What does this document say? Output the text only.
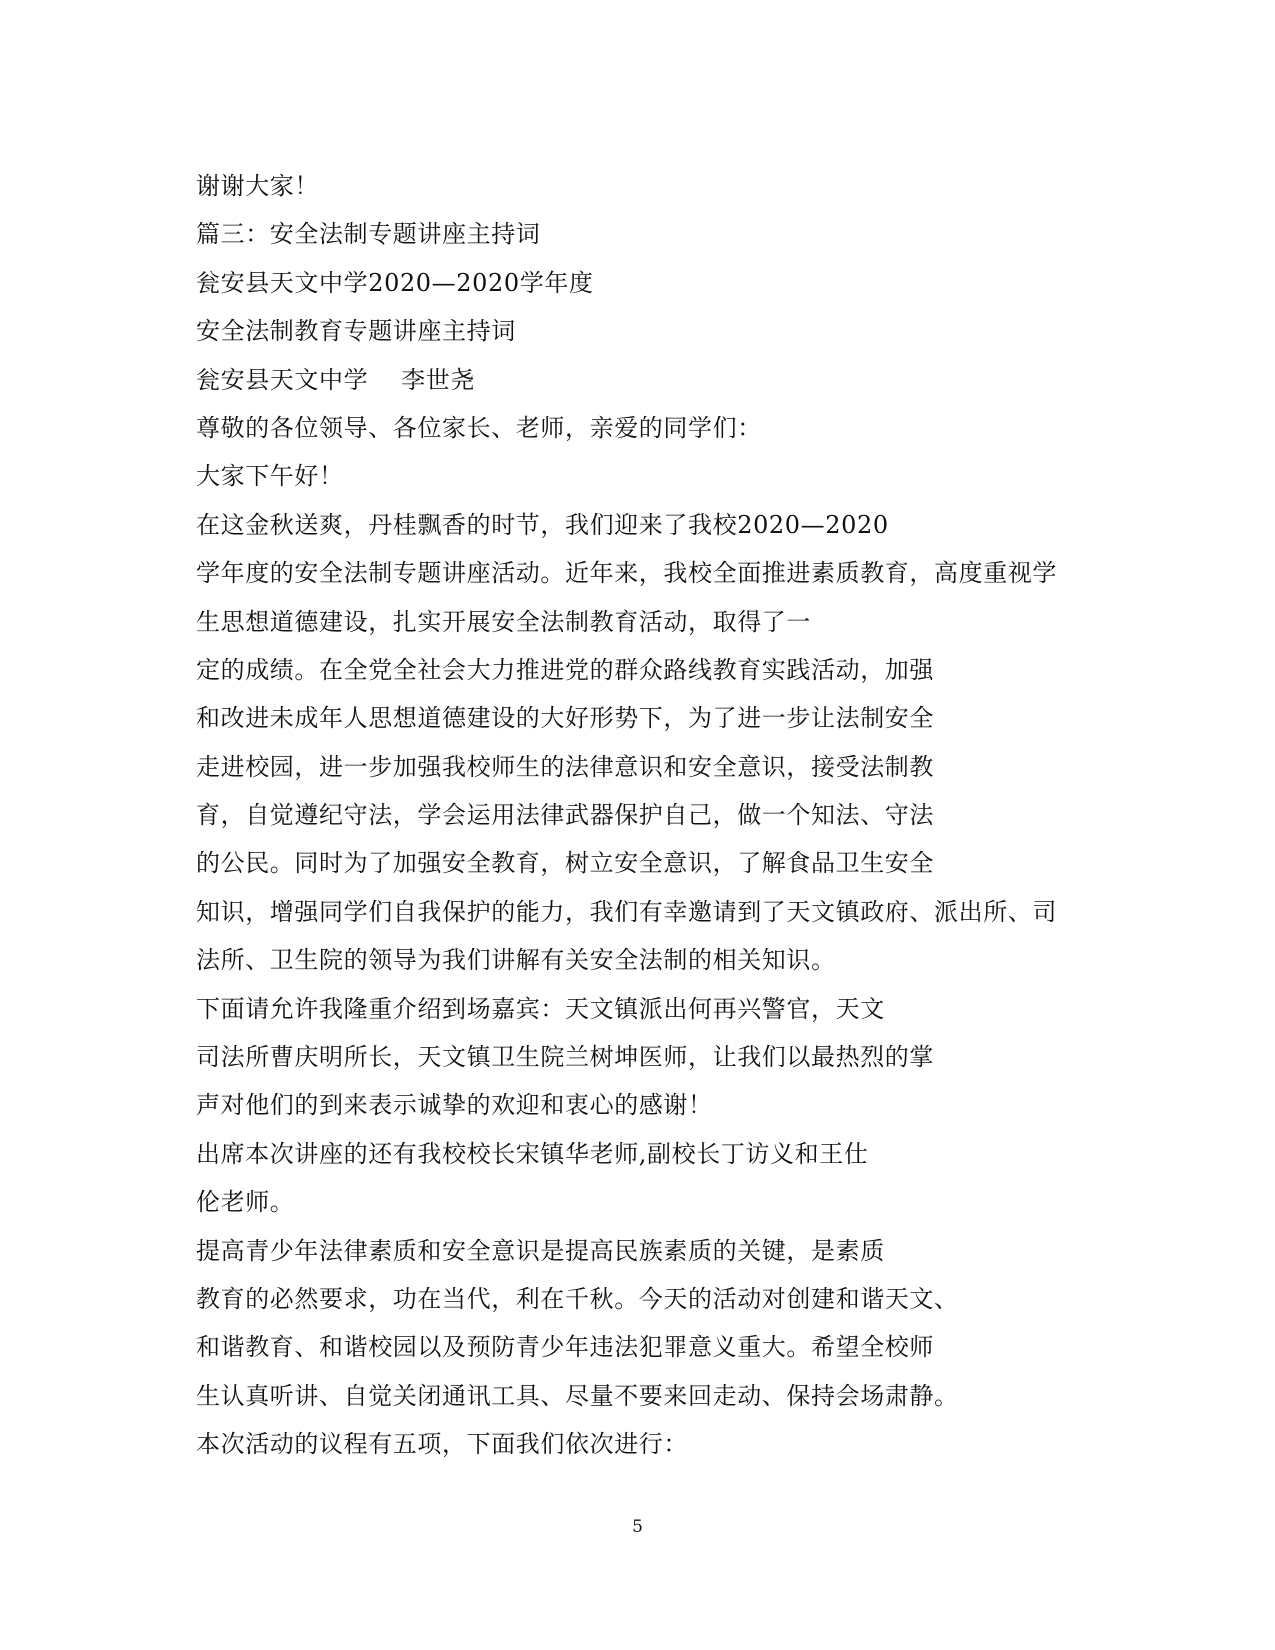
谢谢大家！
篇三：安全法制专题讲座主持词
瓮安县天文中学2020—2020学年度
安全法制教育专题讲座主持词
瓮安县天文中学    李世尧
尊敬的各位领导、各位家长、老师，亲爱的同学们：
大家下午好！
在这金秋送爽，丹桂飘香的时节，我们迎来了我校2020—2020
学年度的安全法制专题讲座活动。近年来，我校全面推进素质教育，高度重视学
生思想道德建设，扎实开展安全法制教育活动，取得了一
定的成绩。在全党全社会大力推进党的群众路线教育实践活动，加强
和改进未成年人思想道德建设的大好形势下，为了进一步让法制安全
走进校园，进一步加强我校师生的法律意识和安全意识，接受法制教
育，自觉遵纪守法，学会运用法律武器保护自己，做一个知法、守法
的公民。同时为了加强安全教育，树立安全意识，了解食品卫生安全
知识，增强同学们自我保护的能力，我们有幸邀请到了天文镇政府、派出所、司
法所、卫生院的领导为我们讲解有关安全法制的相关知识。
下面请允许我隆重介绍到场嘉宾：天文镇派出何再兴警官，天文
司法所曹庆明所长，天文镇卫生院兰树坤医师，让我们以最热烈的掌
声对他们的到来表示诚挚的欢迎和衷心的感谢！
出席本次讲座的还有我校校长宋镇华老师,副校长丁访义和王仕
伦老师。
提高青少年法律素质和安全意识是提高民族素质的关键，是素质
教育的必然要求，功在当代，利在千秋。今天的活动对创建和谐天文、
和谐教育、和谐校园以及预防青少年违法犯罪意义重大。希望全校师
生认真听讲、自觉关闭通讯工具、尽量不要来回走动、保持会场肃静。
本次活动的议程有五项，下面我们依次进行：
5
